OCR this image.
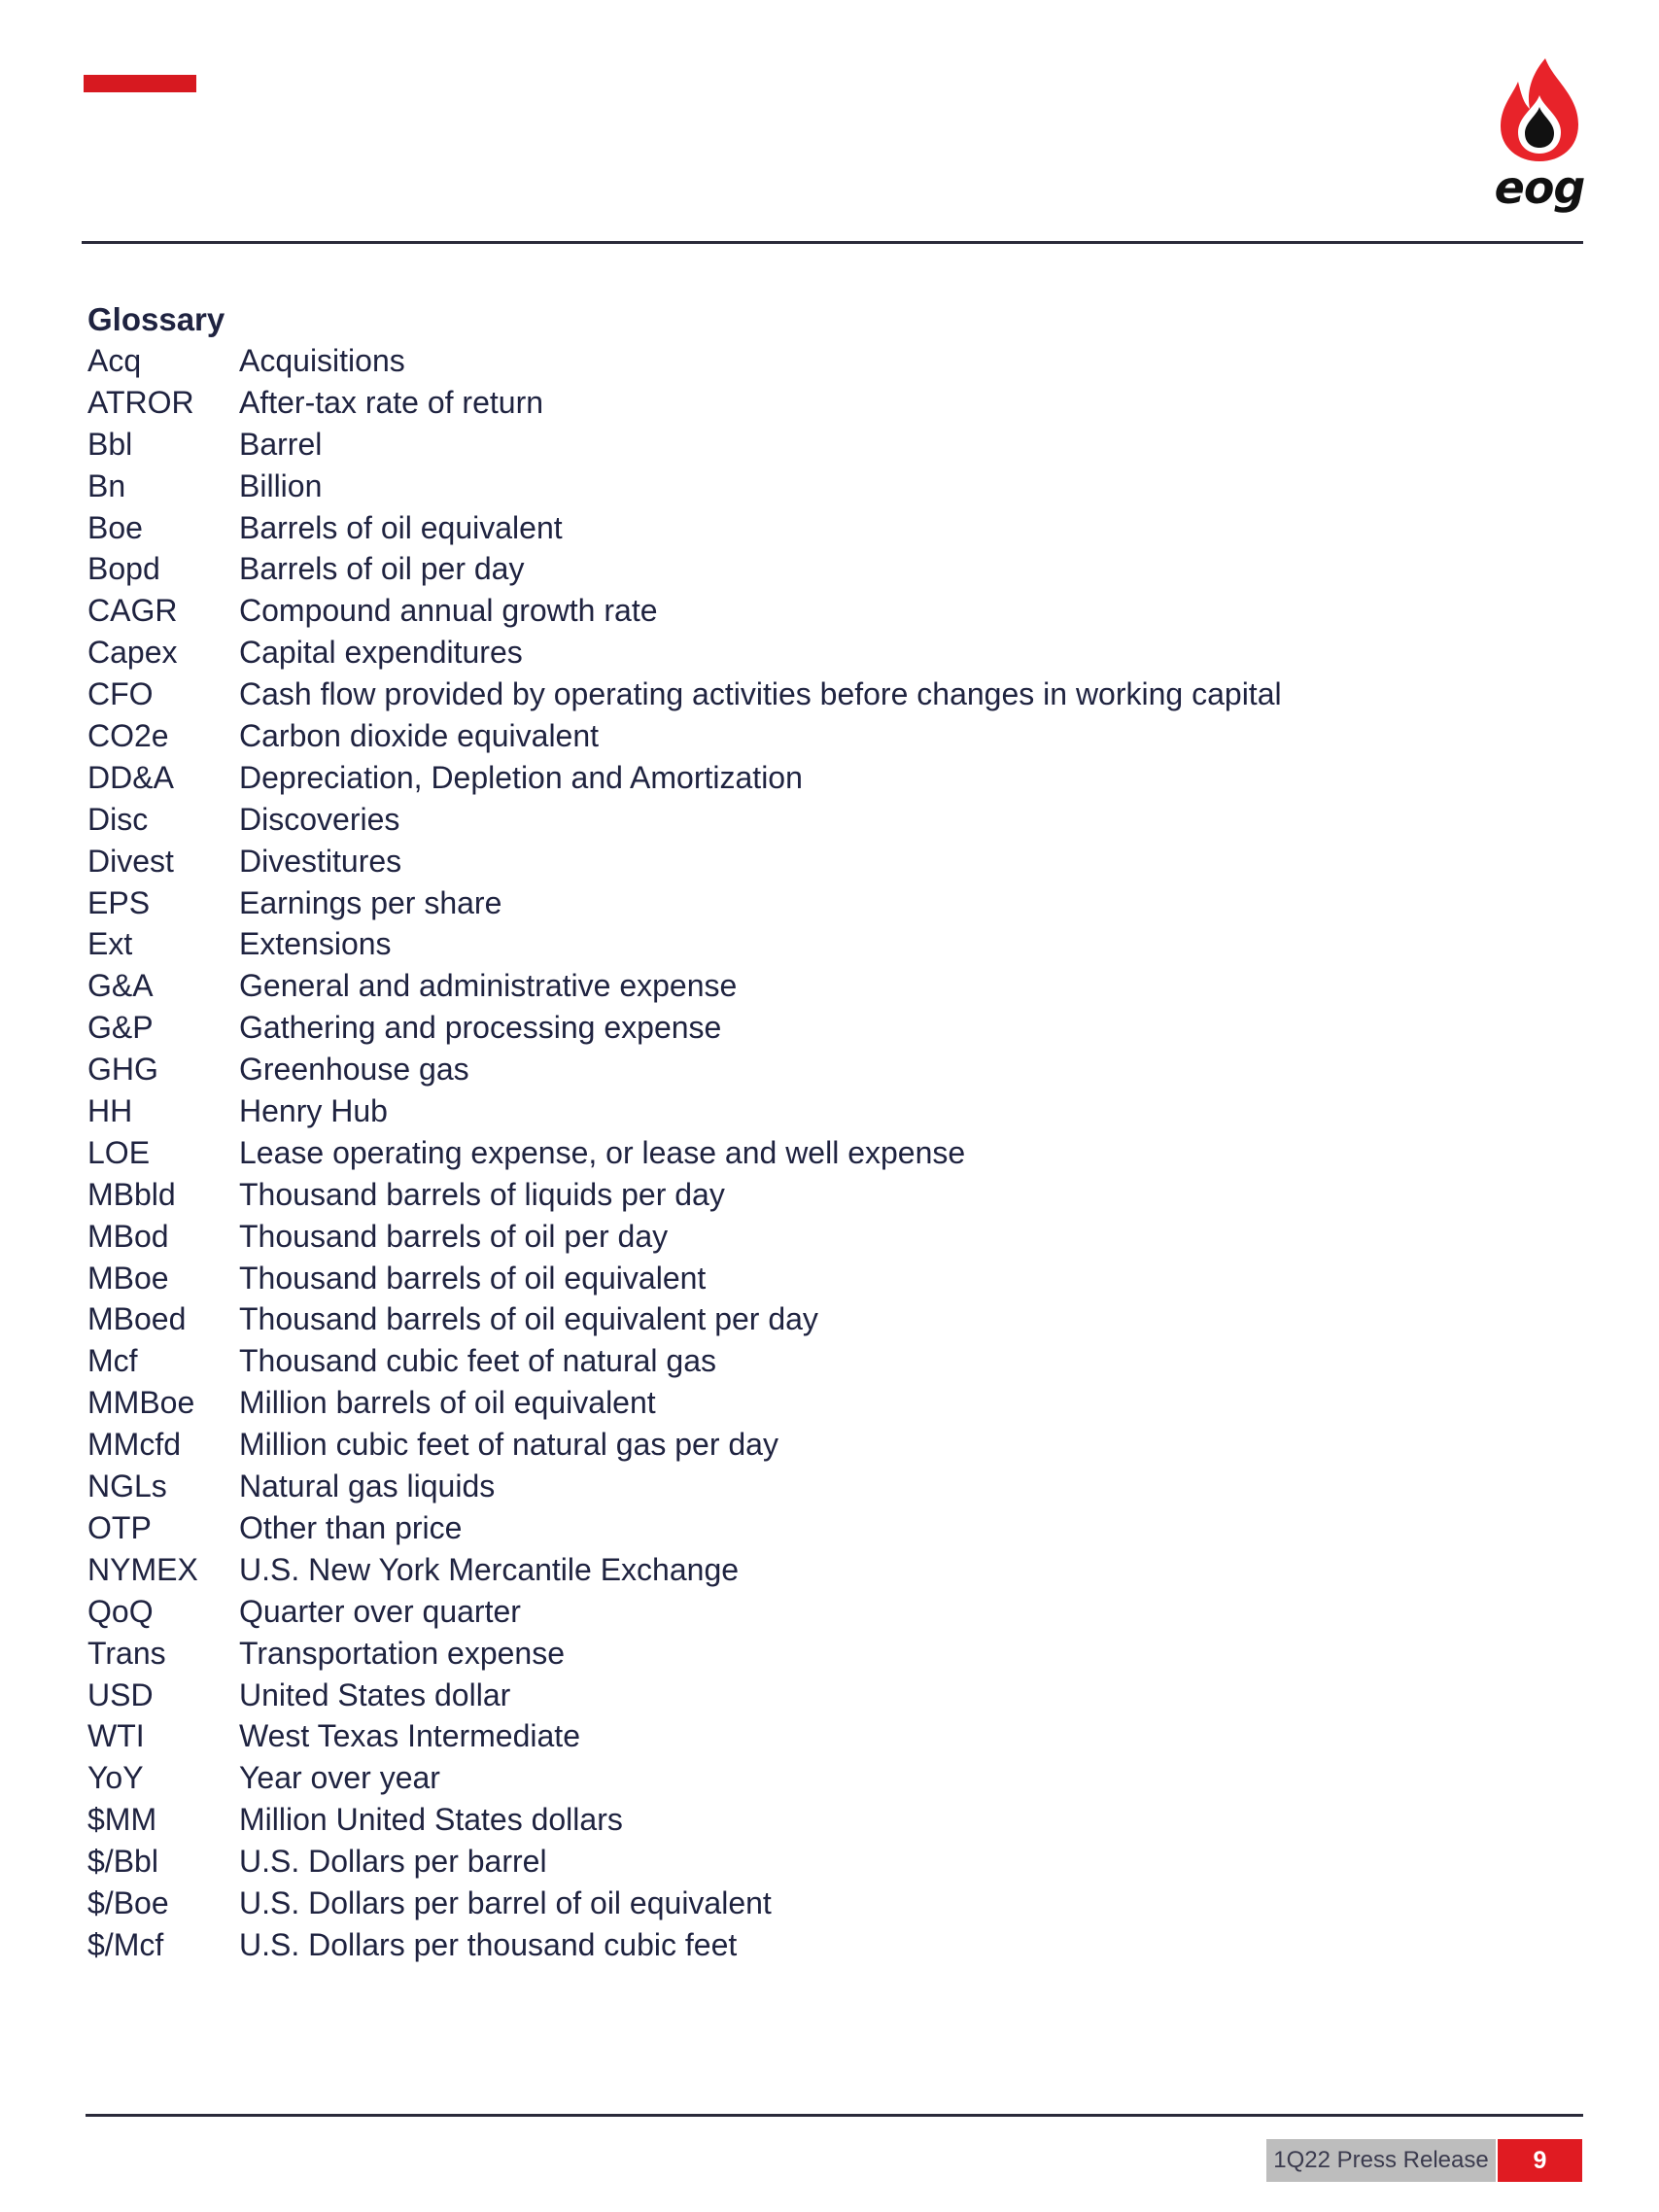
eog
Glossary
Acq	Acquisitions
ATROR	After-tax rate of return
Bbl	Barrel
Bn	Billion
Boe	Barrels of oil equivalent
Bopd	Barrels of oil per day
CAGR	Compound annual growth rate
Capex	Capital expenditures
CFO	Cash flow provided by operating activities before changes in working capital
CO2e	Carbon dioxide equivalent
DD&A	Depreciation, Depletion and Amortization
Disc	Discoveries
Divest	Divestitures
EPS	Earnings per share
Ext	Extensions
G&A	General and administrative expense
G&P	Gathering and processing expense
GHG	Greenhouse gas
HH	Henry Hub
LOE	Lease operating expense, or lease and well expense
MBbld	Thousand barrels of liquids per day
MBod	Thousand barrels of oil per day
MBoe	Thousand barrels of oil equivalent
MBoed	Thousand barrels of oil equivalent per day
Mcf	Thousand cubic feet of natural gas
MMBoe	Million barrels of oil equivalent
MMcfd	Million cubic feet of natural gas per day
NGLs	Natural gas liquids
OTP	Other than price
NYMEX	U.S. New York Mercantile Exchange
QoQ	Quarter over quarter
Trans	Transportation expense
USD	United States dollar
WTI	West Texas Intermediate
YoY	Year over year
$MM	Million United States dollars
$/Bbl	U.S. Dollars per barrel
$/Boe	U.S. Dollars per barrel of oil equivalent
$/Mcf	U.S. Dollars per thousand cubic feet
1Q22 Press Release	9
